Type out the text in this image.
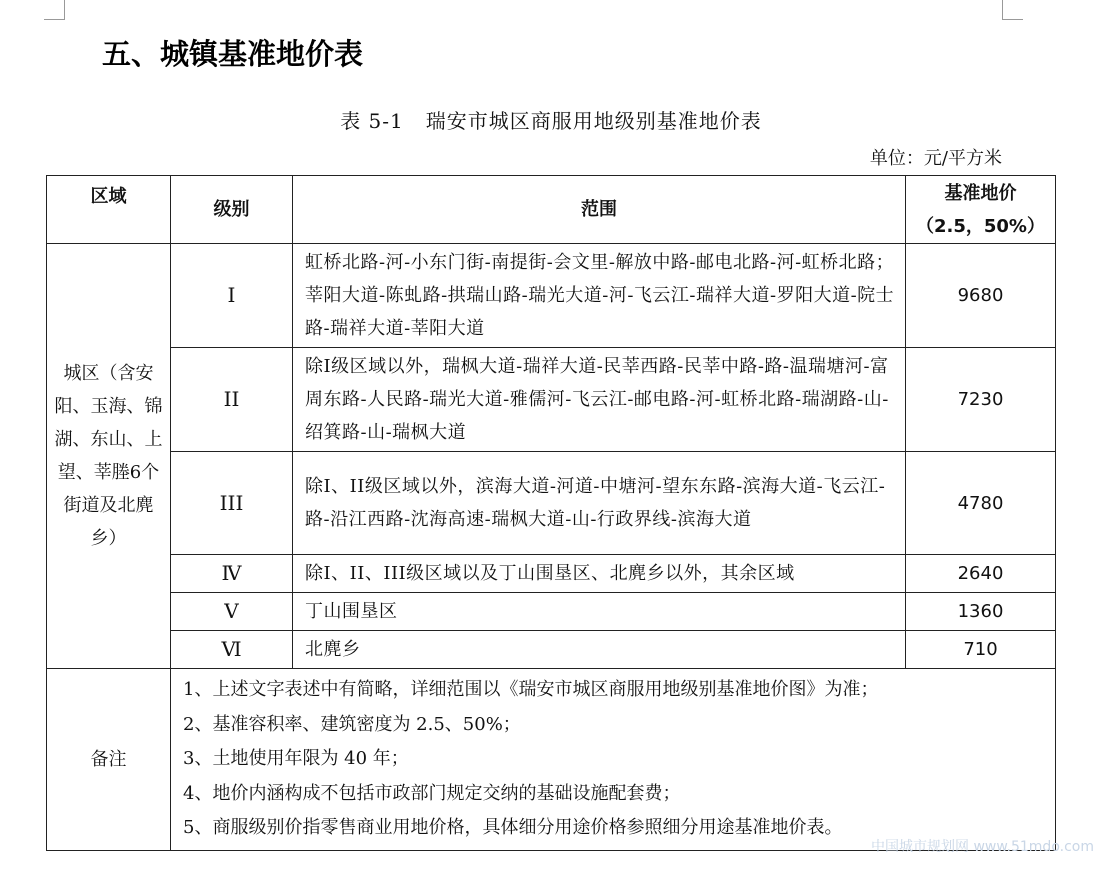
五、城镇基准地价表
表 5-1 瑞安市城区商服用地级别基准地价表
单位：元/平方米
区域	级别	范围	基准地价
（2.5，50%）

城区（含安阳、玉海、锦湖、东山、上望、莘塍6个街道及北麂乡）	I	虹桥北路-河-小东门街-南提街-会文里-解放中路-邮电北路-河-虹桥北路；莘阳大道-陈虬路-拱瑞山路-瑞光大道-河-飞云江-瑞祥大道-罗阳大道-院士路-瑞祥大道-莘阳大道	9680
	II	除I级区域以外，瑞枫大道-瑞祥大道-民莘西路-民莘中路-路-温瑞塘河-富周东路-人民路-瑞光大道-雅儒河-飞云江-邮电路-河-虹桥北路-瑞湖路-山-绍箕路-山-瑞枫大道	7230
	III	除I、II级区域以外，滨海大道-河道-中塘河-望东东路-滨海大道-飞云江-路-沿江西路-沈海高速-瑞枫大道-山-行政界线-滨海大道	4780
	Ⅳ	除I、II、III级区域以及丁山围垦区、北麂乡以外，其余区域	2640
	V	丁山围垦区	1360
	Ⅵ	北麂乡	710
备注	1、上述文字表述中有简略，详细范围以《瑞安市城区商服用地级别基准地价图》为准；
2、基准容积率、建筑密度为 2.5、50%；
3、土地使用年限为 40 年；
4、地价内涵构成不包括市政部门规定交纳的基础设施配套费；
5、商服级别价指零售商业用地价格，具体细分用途价格参照细分用途基准地价表。		
中国城市规划网 www.51mdo.com
